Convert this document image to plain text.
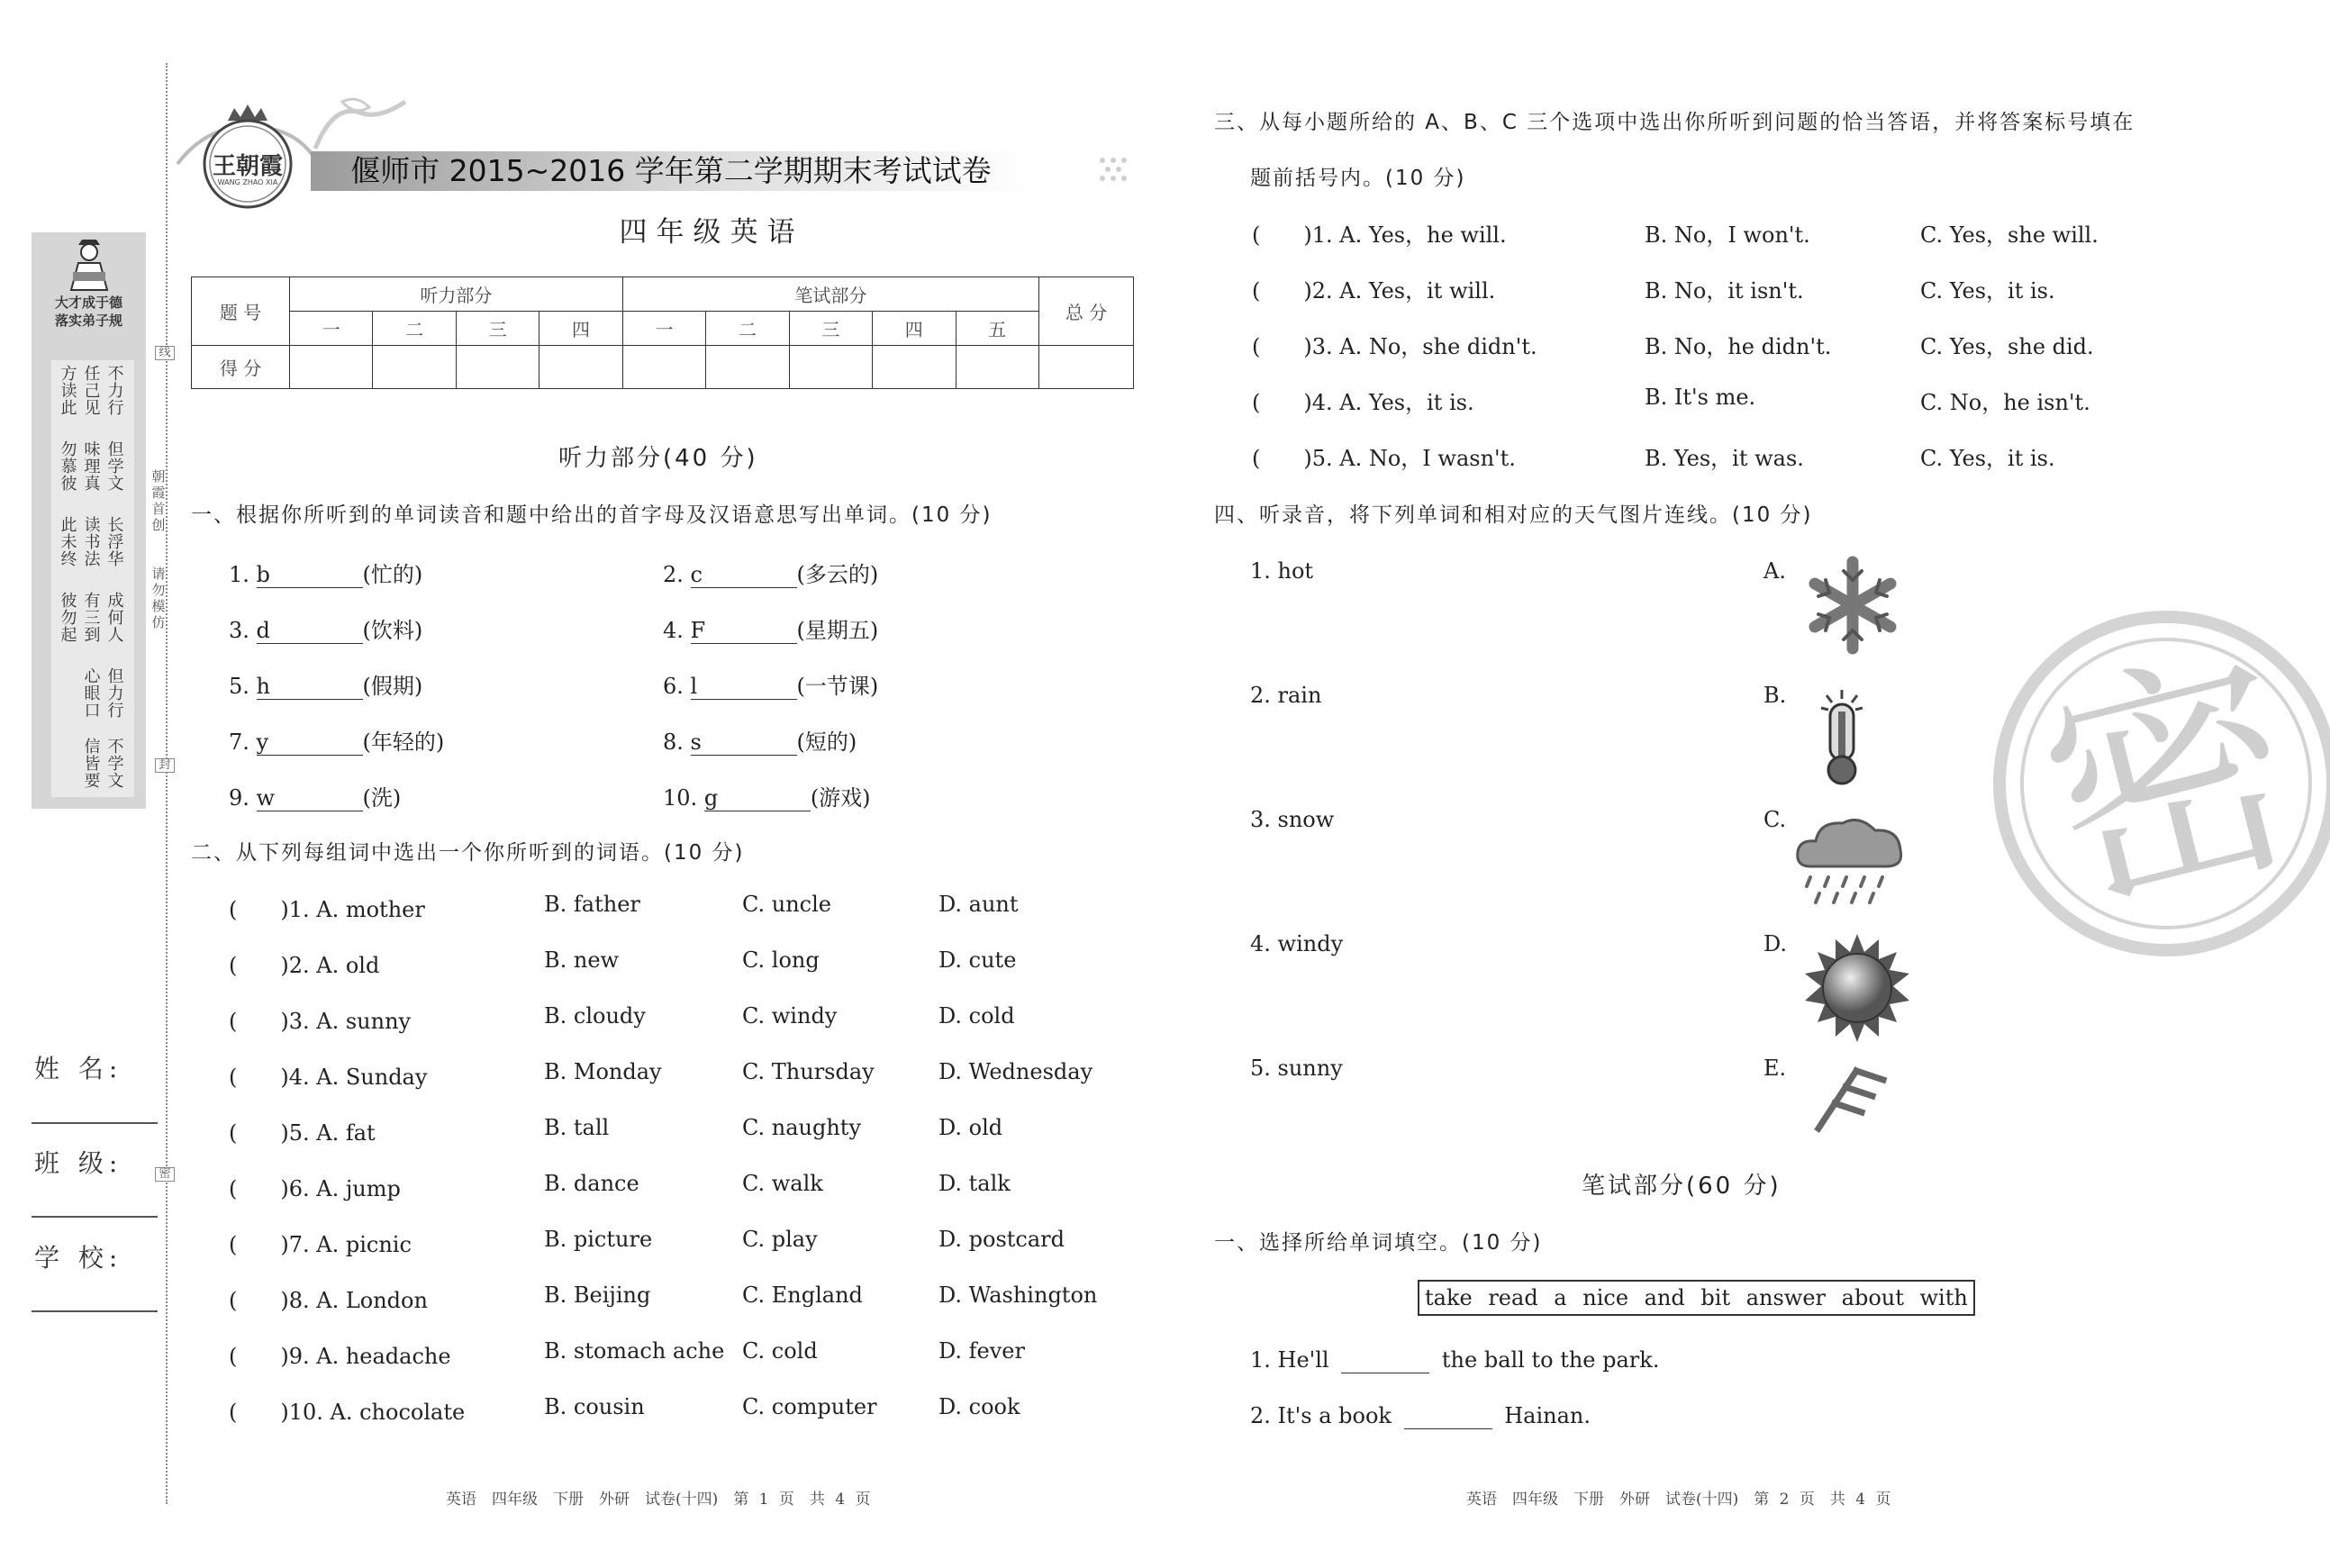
大才成于德
落实弟子规
不
力
行
任
己
见
方
读
此
但
学
文
味
理
真
勿
慕
彼
长
浮
华
读
书
法
此
未
终
成
何
人
有
三
到
彼
勿
起
但
力
行
心
眼
口
不
学
文
信
皆
要
线
封
密
朝
霞
首
创

请
勿
模
仿
姓 名:
班 级:
学 校:
王朝霞
WANG ZHAO XIA	偃师市 2015~2016 学年第二学期期末考试试卷
四年级英语
题 号	听力部分				笔试部分					总 分
	一	二	三	四	一	二	三	四	五	
得 分										
听力部分(40 分)
一、根据你所听到的单词读音和题中给出的首字母及汉语意思写出单词。(10 分)
1. b	(忙的)	2. c	(多云的)
3. d	(饮料)	4. F	(星期五)
5. h	(假期)	6. l	(一节课)
7. y	(年轻的)	8. s	(短的)
9. w	(洗)	10. g	(游戏)
二、从下列每组词中选出一个你所听到的词语。(10 分)
(　　)1. A. mother	B. father	C. uncle	D. aunt
(　　)2. A. old	B. new	C. long	D. cute
(　　)3. A. sunny	B. cloudy	C. windy	D. cold
(　　)4. A. Sunday	B. Monday	C. Thursday	D. Wednesday
(　　)5. A. fat	B. tall	C. naughty	D. old
(　　)6. A. jump	B. dance	C. walk	D. talk
(　　)7. A. picnic	B. picture	C. play	D. postcard
(　　)8. A. London	B. Beijing	C. England	D. Washington
(　　)9. A. headache	B. stomach ache C. cold	D. fever
(　　)10. A. chocolate	B. cousin	C. computer	D. cook
英语　四年级　下册　外研　试卷(十四)　第 1 页　共 4 页
三、从每小题所给的 A、B、C 三个选项中选出你所听到问题的恰当答语，并将答案标号填在
题前括号内。(10 分)
(　　)1. A. Yes，he will.	B. No，I won't.	C. Yes，she will.
(　　)2. A. Yes，it will.	B. No，it isn't.	C. Yes，it is.
(　　)3. A. No，she didn't.	B. No，he didn't.	C. Yes，she did.
(　　)4. A. Yes，it is.	B. It's me.	C. No，he isn't.
(　　)5. A. No，I wasn't.	B. Yes，it was.	C. Yes，it is.
四、听录音，将下列单词和相对应的天气图片连线。(10 分)
1. hot
2. rain
3. snow
4. windy
5. sunny
A.
B.
C.
D.
E.
密
笔试部分(60 分)
一、选择所给单词填空。(10 分)
take read a nice and bit answer about with
1. He'll	the ball to the park.
2. It's a book	Hainan.
英语　四年级　下册　外研　试卷(十四)　第 2 页　共 4 页
